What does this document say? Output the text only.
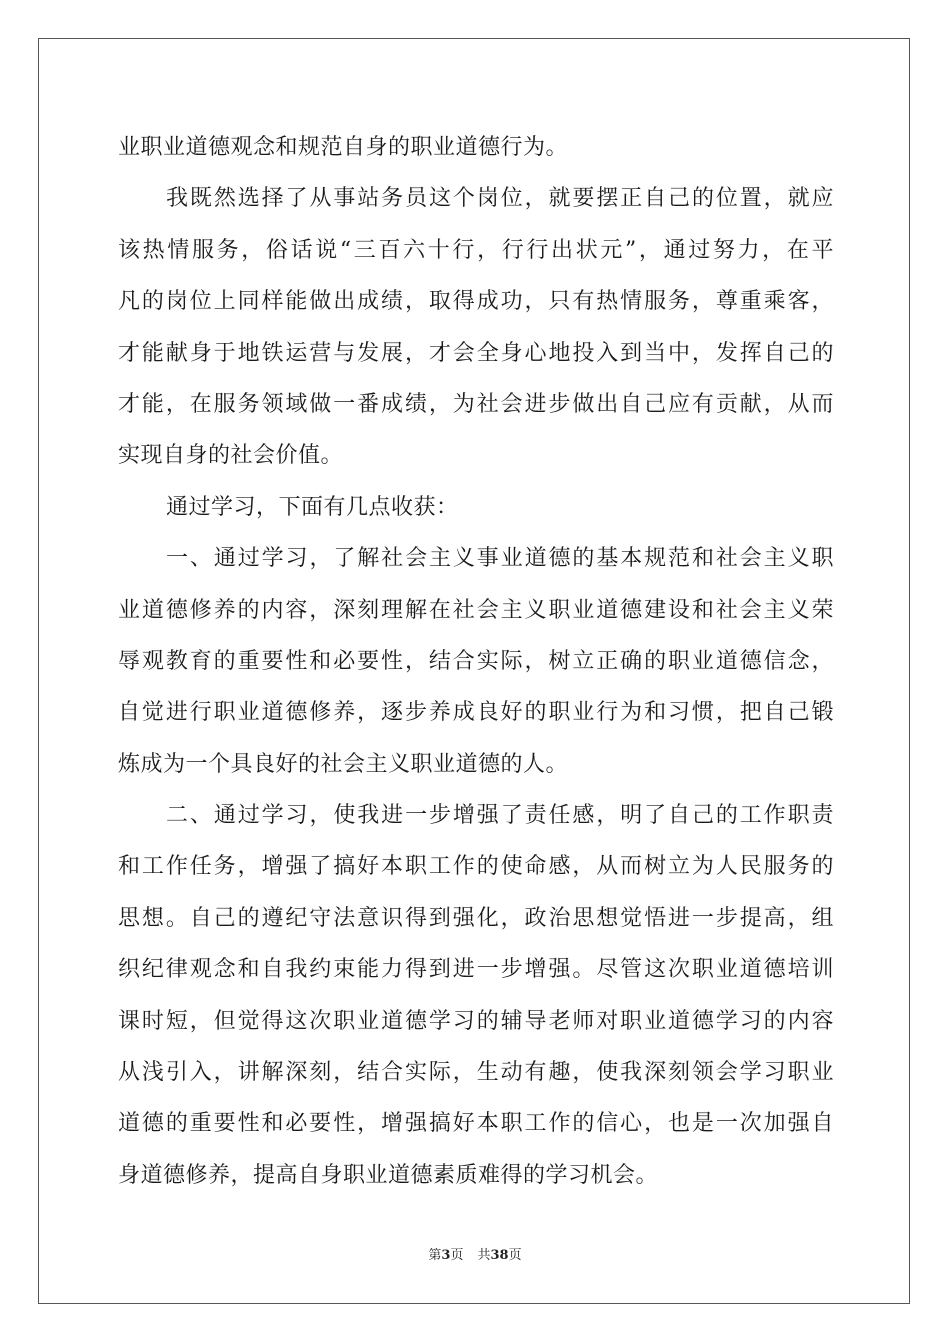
业职业道德观念和规范自身的职业道德行为。
我既然选择了从事站务员这个岗位，就要摆正自己的位置，就应
该热情服务，俗话说“三百六十行，行行出状元”，通过努力，在平
凡的岗位上同样能做出成绩，取得成功，只有热情服务，尊重乘客，
才能献身于地铁运营与发展，才会全身心地投入到当中，发挥自己的
才能，在服务领域做一番成绩，为社会进步做出自己应有贡献，从而
实现自身的社会价值。
通过学习，下面有几点收获：
一、通过学习，了解社会主义事业道德的基本规范和社会主义职
业道德修养的内容，深刻理解在社会主义职业道德建设和社会主义荣
辱观教育的重要性和必要性，结合实际，树立正确的职业道德信念，
自觉进行职业道德修养，逐步养成良好的职业行为和习惯，把自己锻
炼成为一个具良好的社会主义职业道德的人。
二、通过学习，使我进一步增强了责任感，明了自己的工作职责
和工作任务，增强了搞好本职工作的使命感，从而树立为人民服务的
思想。自己的遵纪守法意识得到强化，政治思想觉悟进一步提高，组
织纪律观念和自我约束能力得到进一步增强。尽管这次职业道德培训
课时短，但觉得这次职业道德学习的辅导老师对职业道德学习的内容
从浅引入，讲解深刻，结合实际，生动有趣，使我深刻领会学习职业
道德的重要性和必要性，增强搞好本职工作的信心，也是一次加强自
身道德修养，提高自身职业道德素质难得的学习机会。
第3页 共38页
